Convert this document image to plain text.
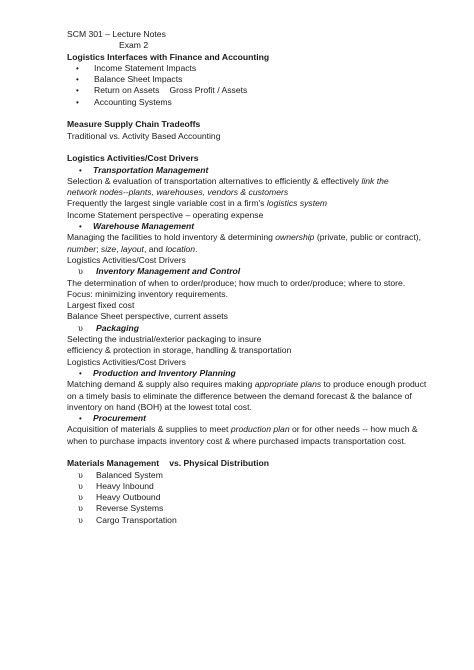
SCM 301 – Lecture Notes
Exam 2
Logistics Interfaces with Finance and Accounting
•	Income Statement Impacts
•	Balance Sheet Impacts
•	Return on Assets Gross Profit / Assets
•	Accounting Systems
Measure Supply Chain Tradeoffs
Traditional vs. Activity Based Accounting
Logistics Activities/Cost Drivers
•	Transportation Management
Selection & evaluation of transportation alternatives to efficiently & effectively link the
network nodes--plants, warehouses, vendors & customers
Frequently the largest single variable cost in a firm's logistics system
Income Statement perspective – operating expense
•	Warehouse Management
Managing the facilities to hold inventory & determining ownership (private, public or contract),
number; size, layout, and location.
Logistics Activities/Cost Drivers
υ	Inventory Management and Control
The determination of when to order/produce; how much to order/produce; where to store.
Focus: minimizing inventory requirements.
Largest fixed cost
Balance Sheet perspective, current assets
υ	Packaging
Selecting the industrial/exterior packaging to insure
efficiency & protection in storage, handling & transportation
Logistics Activities/Cost Drivers
•	Production and Inventory Planning
Matching demand & supply also requires making appropriate plans to produce enough product
on a timely basis to eliminate the difference between the demand forecast & the balance of
inventory on hand (BOH) at the lowest total cost.
•	Procurement
Acquisition of materials & supplies to meet production plan or for other needs -- how much &
when to purchase impacts inventory cost & where purchased impacts transportation cost.
Materials Management vs. Physical Distribution
υ	Balanced System
υ	Heavy Inbound
υ	Heavy Outbound
υ	Reverse Systems
υ	Cargo Transportation
